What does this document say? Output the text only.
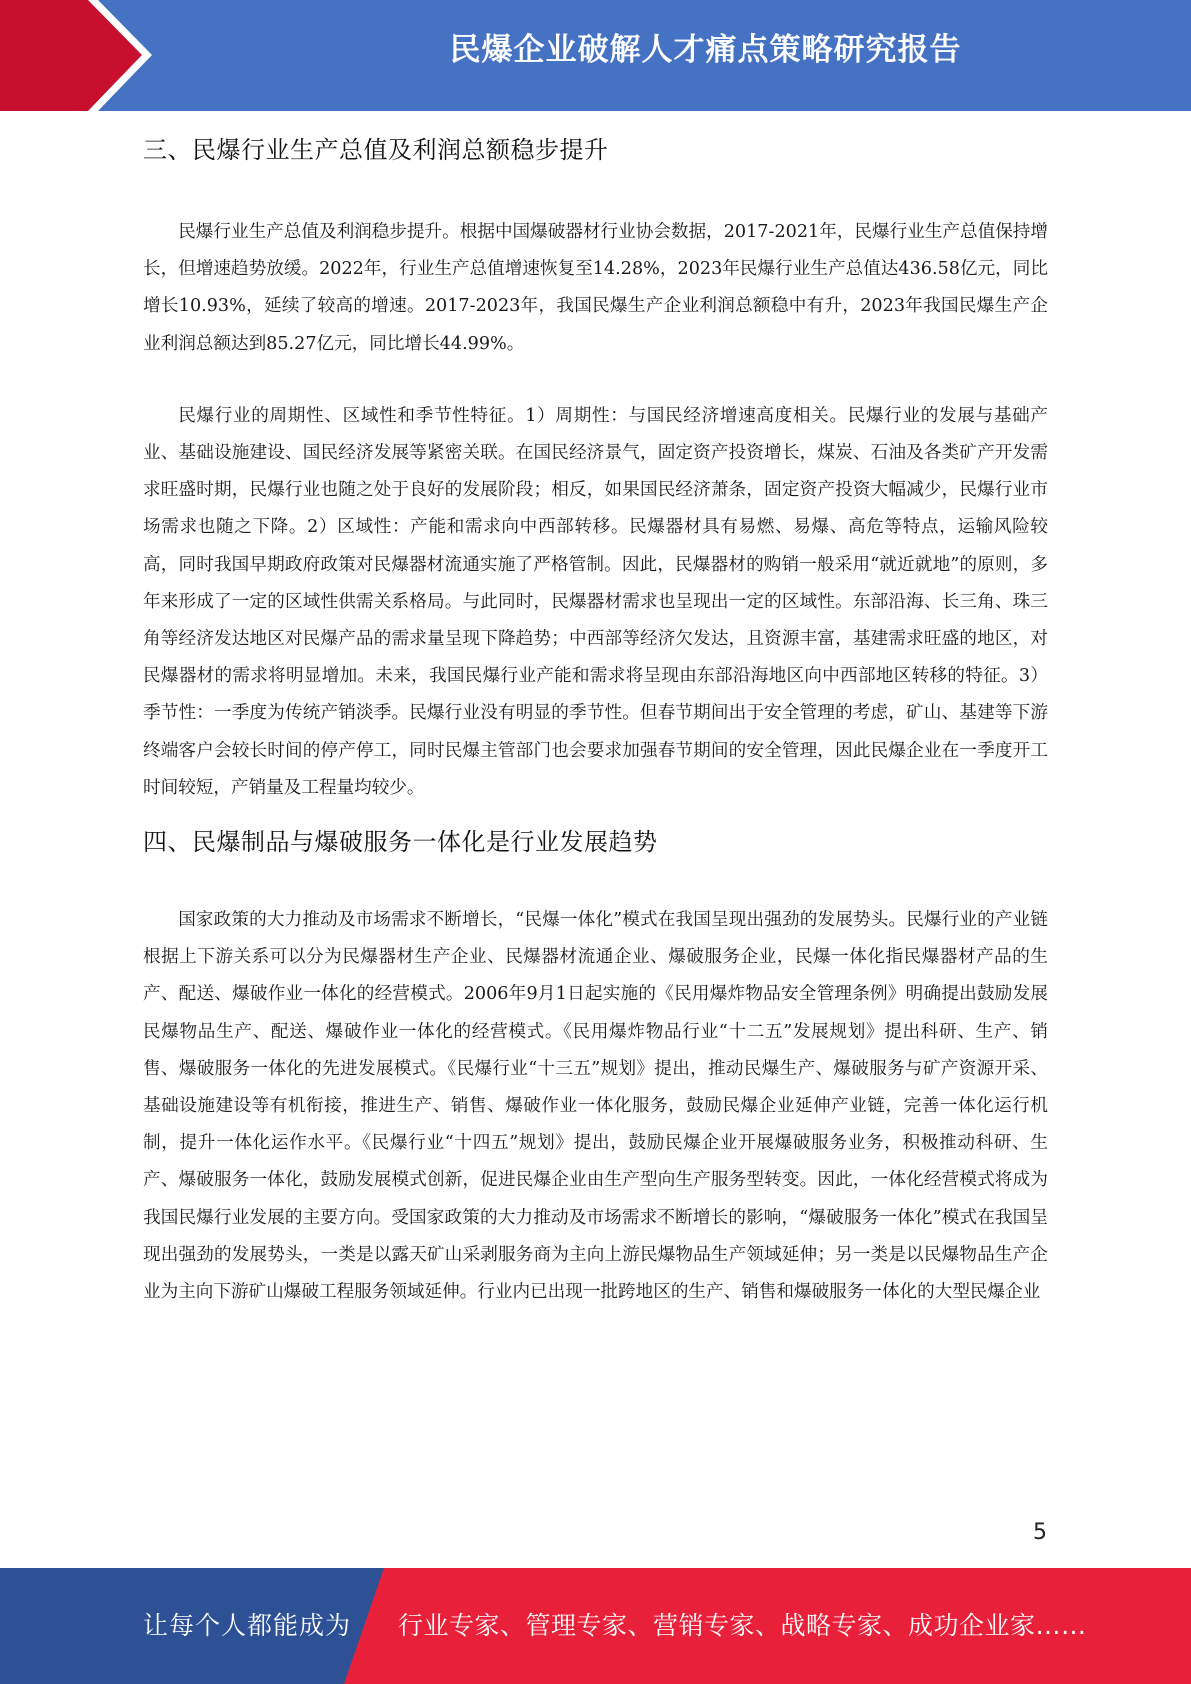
民爆企业破解人才痛点策略研究报告
三、民爆行业生产总值及利润总额稳步提升

民爆行业生产总值及利润稳步提升。根据中国爆破器材行业协会数据，2017-2021年，民爆行业生产总值保持增长，但增速趋势放缓。2022年，行业生产总值增速恢复至14.28%，2023年民爆行业生产总值达436.58亿元，同比增长10.93%，延续了较高的增速。2017-2023年，我国民爆生产企业利润总额稳中有升，2023年我国民爆生产企业利润总额达到85.27亿元，同比增长44.99%。

民爆行业的周期性、区域性和季节性特征。1）周期性：与国民经济增速高度相关。民爆行业的发展与基础产业、基础设施建设、国民经济发展等紧密关联。在国民经济景气，固定资产投资增长，煤炭、石油及各类矿产开发需求旺盛时期，民爆行业也随之处于良好的发展阶段；相反，如果国民经济萧条，固定资产投资大幅减少，民爆行业市场需求也随之下降。2）区域性：产能和需求向中西部转移。民爆器材具有易燃、易爆、高危等特点，运输风险较高，同时我国早期政府政策对民爆器材流通实施了严格管制。因此，民爆器材的购销一般采用“就近就地”的原则，多年来形成了一定的区域性供需关系格局。与此同时，民爆器材需求也呈现出一定的区域性。东部沿海、长三角、珠三角等经济发达地区对民爆产品的需求量呈现下降趋势；中西部等经济欠发达，且资源丰富，基建需求旺盛的地区，对民爆器材的需求将明显增加。未来，我国民爆行业产能和需求将呈现由东部沿海地区向中西部地区转移的特征。3）季节性：一季度为传统产销淡季。民爆行业没有明显的季节性。但春节期间出于安全管理的考虑，矿山、基建等下游终端客户会较长时间的停产停工，同时民爆主管部门也会要求加强春节期间的安全管理，因此民爆企业在一季度开工时间较短，产销量及工程量均较少。

四、民爆制品与爆破服务一体化是行业发展趋势

国家政策的大力推动及市场需求不断增长，“民爆一体化”模式在我国呈现出强劲的发展势头。民爆行业的产业链根据上下游关系可以分为民爆器材生产企业、民爆器材流通企业、爆破服务企业，民爆一体化指民爆器材产品的生产、配送、爆破作业一体化的经营模式。2006年9月1日起实施的《民用爆炸物品安全管理条例》明确提出鼓励发展民爆物品生产、配送、爆破作业一体化的经营模式。《民用爆炸物品行业“十二五”发展规划》提出科研、生产、销售、爆破服务一体化的先进发展模式。《民爆行业“十三五”规划》提出，推动民爆生产、爆破服务与矿产资源开采、基础设施建设等有机衔接，推进生产、销售、爆破作业一体化服务，鼓励民爆企业延伸产业链，完善一体化运行机制，提升一体化运作水平。《民爆行业“十四五”规划》提出，鼓励民爆企业开展爆破服务业务，积极推动科研、生产、爆破服务一体化，鼓励发展模式创新，促进民爆企业由生产型向生产服务型转变。因此，一体化经营模式将成为我国民爆行业发展的主要方向。受国家政策的大力推动及市场需求不断增长的影响，“爆破服务一体化”模式在我国呈现出强劲的发展势头，一类是以露天矿山采剥服务商为主向上游民爆物品生产领域延伸；另一类是以民爆物品生产企业为主向下游矿山爆破工程服务领域延伸。行业内已出现一批跨地区的生产、销售和爆破服务一体化的大型民爆企业

5
让每个人都能成为 行业专家、管理专家、营销专家、战略专家、成功企业家……
